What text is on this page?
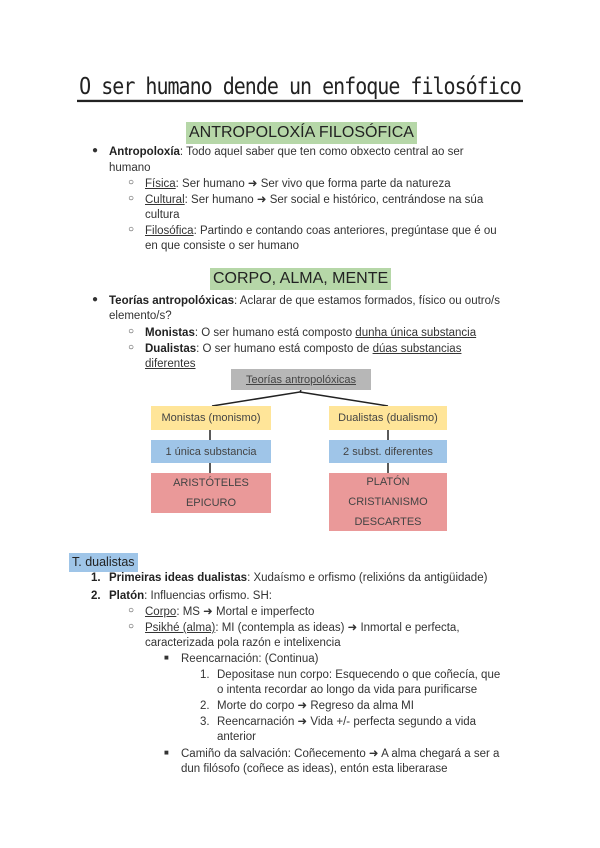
O ser humano dende un enfoque filosófico
ANTROPOLOXÍA FILOSÓFICA
● Antropoloxía: Todo aquel saber que ten como obxecto central ao ser
humano
○ Física: Ser humano ➜ Ser vivo que forma parte da natureza
○ Cultural: Ser humano ➜ Ser social e histórico, centrándose na súa
cultura
○ Filosófica: Partindo e contando coas anteriores, pregúntase que é ou
en que consiste o ser humano
CORPO, ALMA, MENTE
● Teorías antropolóxicas: Aclarar de que estamos formados, físico ou outro/s
elemento/s?
○ Monistas: O ser humano está composto dunha única substancia
○ Dualistas: O ser humano está composto de dúas substancias
diferentes
Teorías antropolóxicas
Monistas (monismo)
1 única substancia
ARISTÓTELES
EPICURO
Dualistas (dualismo)
2 subst. diferentes
PLATÓN
CRISTIANISMO
DESCARTES
T. dualistas
1. Primeiras ideas dualistas: Xudaísmo e orfismo (relixións da antigüidade)
2. Platón: Influencias orfismo. SH:
○ Corpo: MS ➜ Mortal e imperfecto
○ Psikhé (alma): MI (contempla as ideas) ➜ Inmortal e perfecta,
caracterizada pola razón e intelixencia
■ Reencarnación: (Continua)
1. Depositase nun corpo: Esquecendo o que coñecía, que
o intenta recordar ao longo da vida para purificarse
2. Morte do corpo ➜ Regreso da alma MI
3. Reencarnación ➜ Vida +/- perfecta segundo a vida
anterior
■ Camiño da salvación: Coñecemento ➜ A alma chegará a ser a
dun filósofo (coñece as ideas), entón esta liberarase
